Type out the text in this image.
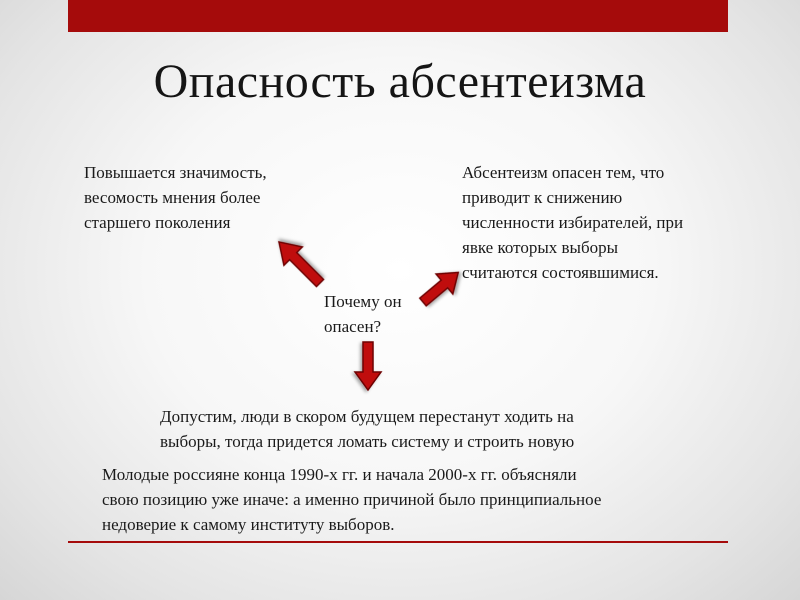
Опасность абсентеизма
Повышается значимость,
весомость мнения более
старшего поколения
Абсентеизм опасен тем, что
приводит к снижению
численности избирателей, при
явке которых выборы
считаются состоявшимися.
Почему он
опасен?
Допустим, люди в скором будущем перестанут ходить на
выборы, тогда придется ломать систему и строить новую
Молодые россияне конца 1990-х гг. и начала 2000-х гг. объясняли
свою позицию уже иначе: а именно причиной было принципиальное
недоверие к самому институту выборов.
